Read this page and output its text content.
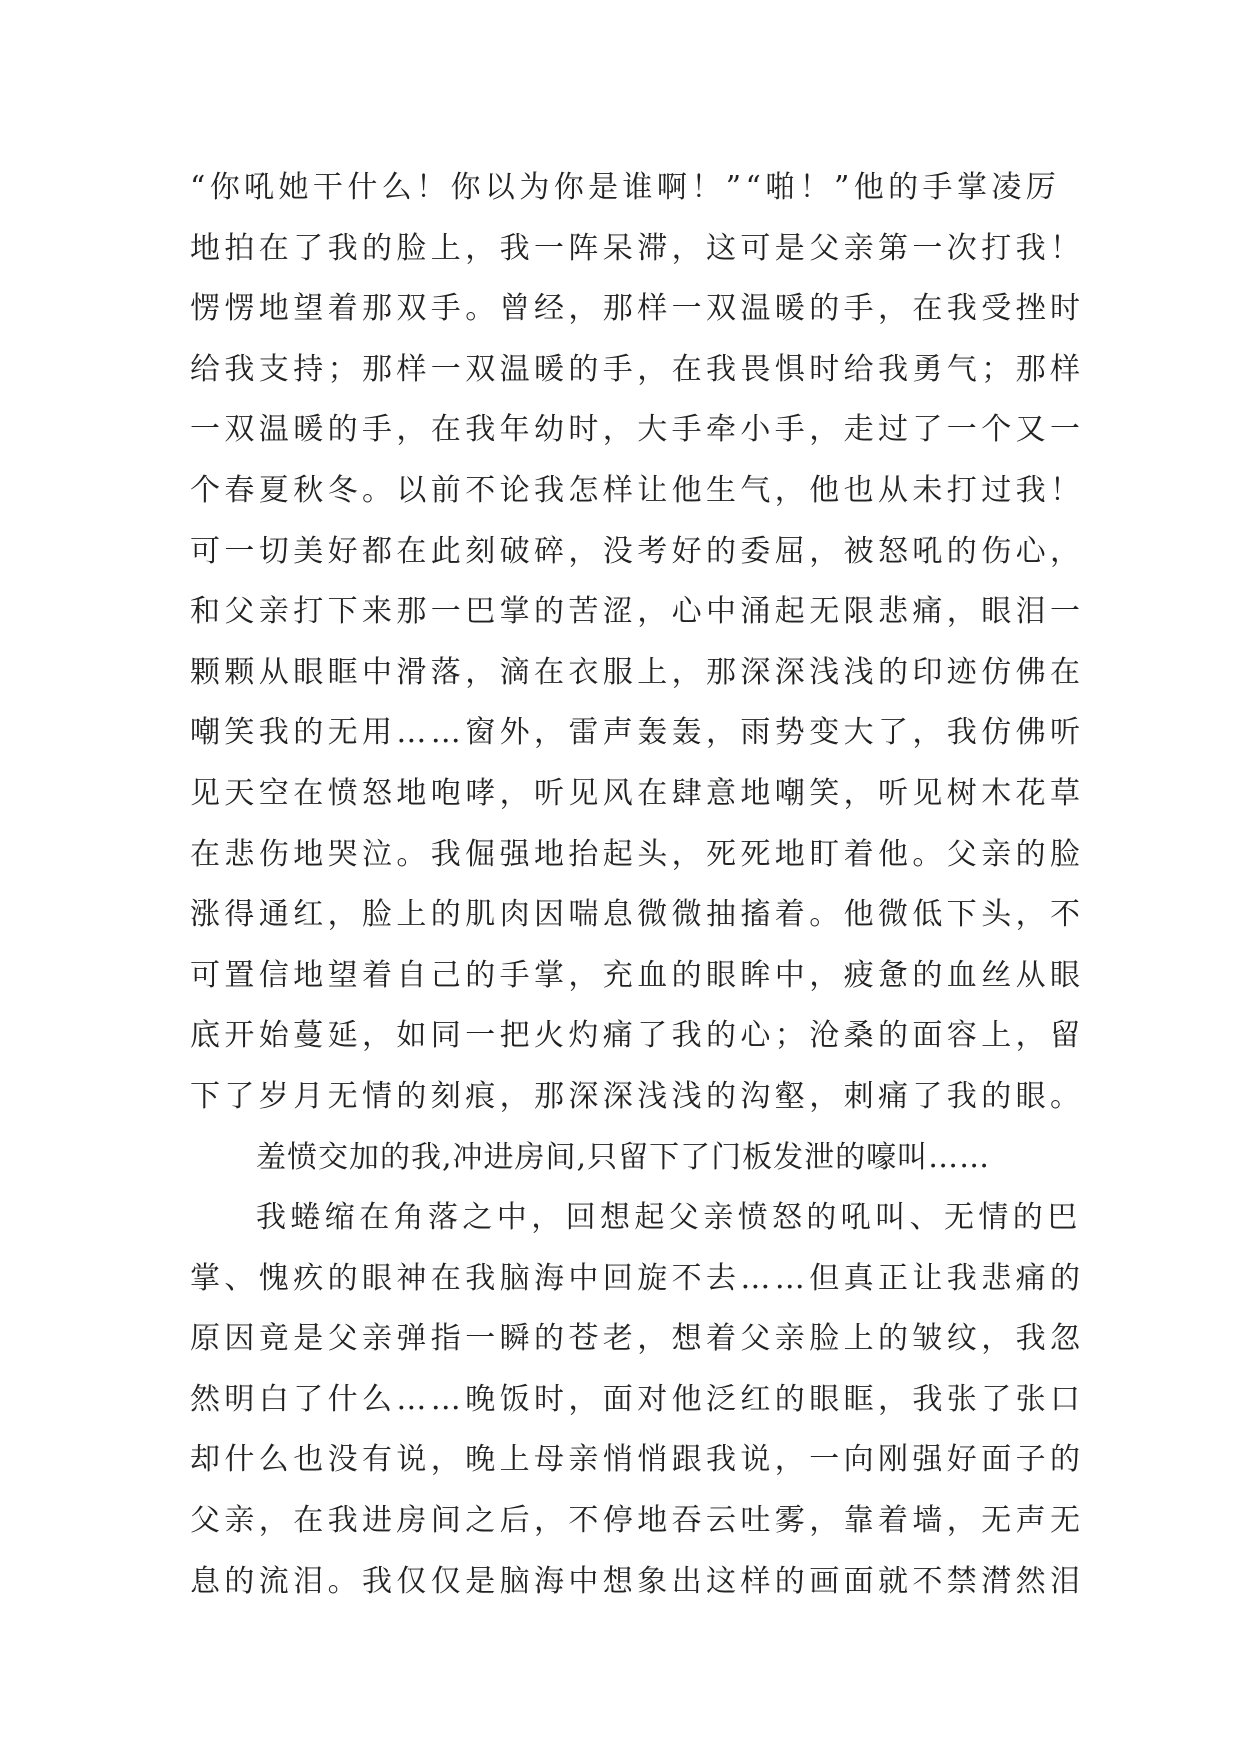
“你吼她干什么！你以为你是谁啊！”“啪！”他的手掌凌厉
地拍在了我的脸上，我一阵呆滞，这可是父亲第一次打我！
愣愣地望着那双手。曾经，那样一双温暖的手，在我受挫时
给我支持；那样一双温暖的手，在我畏惧时给我勇气；那样
一双温暖的手，在我年幼时，大手牵小手，走过了一个又一
个春夏秋冬。以前不论我怎样让他生气，他也从未打过我！
可一切美好都在此刻破碎，没考好的委屈，被怒吼的伤心，
和父亲打下来那一巴掌的苦涩，心中涌起无限悲痛，眼泪一
颗颗从眼眶中滑落，滴在衣服上，那深深浅浅的印迹仿佛在
嘲笑我的无用……窗外，雷声轰轰，雨势变大了，我仿佛听
见天空在愤怒地咆哮，听见风在肆意地嘲笑，听见树木花草
在悲伤地哭泣。我倔强地抬起头，死死地盯着他。父亲的脸
涨得通红，脸上的肌肉因喘息微微抽搐着。他微低下头，不
可置信地望着自己的手掌，充血的眼眸中，疲惫的血丝从眼
底开始蔓延，如同一把火灼痛了我的心；沧桑的面容上，留
下了岁月无情的刻痕，那深深浅浅的沟壑，刺痛了我的眼。
羞愤交加的我,冲进房间,只留下了门板发泄的嚎叫……
我蜷缩在角落之中，回想起父亲愤怒的吼叫、无情的巴
掌、愧疚的眼神在我脑海中回旋不去……但真正让我悲痛的
原因竟是父亲弹指一瞬的苍老，想着父亲脸上的皱纹，我忽
然明白了什么……晚饭时，面对他泛红的眼眶，我张了张口
却什么也没有说，晚上母亲悄悄跟我说，一向刚强好面子的
父亲，在我进房间之后，不停地吞云吐雾，靠着墙，无声无
息的流泪。我仅仅是脑海中想象出这样的画面就不禁潸然泪
